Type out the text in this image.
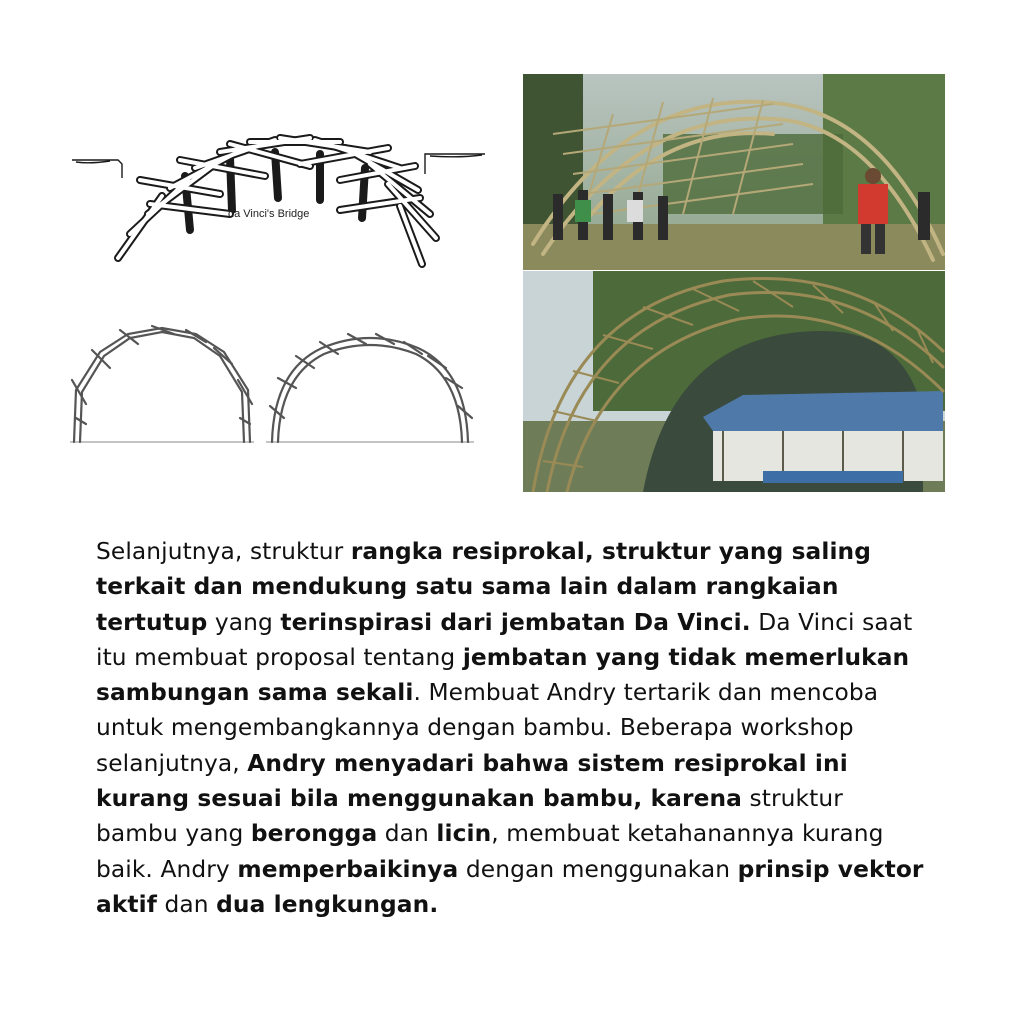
da Vinci's Bridge

Selanjutnya, struktur rangka resiprokal, struktur yang saling terkait dan mendukung satu sama lain dalam rangkaian tertutup yang terinspirasi dari jembatan Da Vinci. Da Vinci saat itu membuat proposal tentang jembatan yang tidak memerlukan sambungan sama sekali. Membuat Andry tertarik dan mencoba untuk mengembangkannya dengan bambu. Beberapa workshop selanjutnya, Andry menyadari bahwa sistem resiprokal ini kurang sesuai bila menggunakan bambu, karena struktur bambu yang berongga dan licin, membuat ketahanannya kurang baik. Andry memperbaikinya dengan menggunakan prinsip vektor aktif dan dua lengkungan.
